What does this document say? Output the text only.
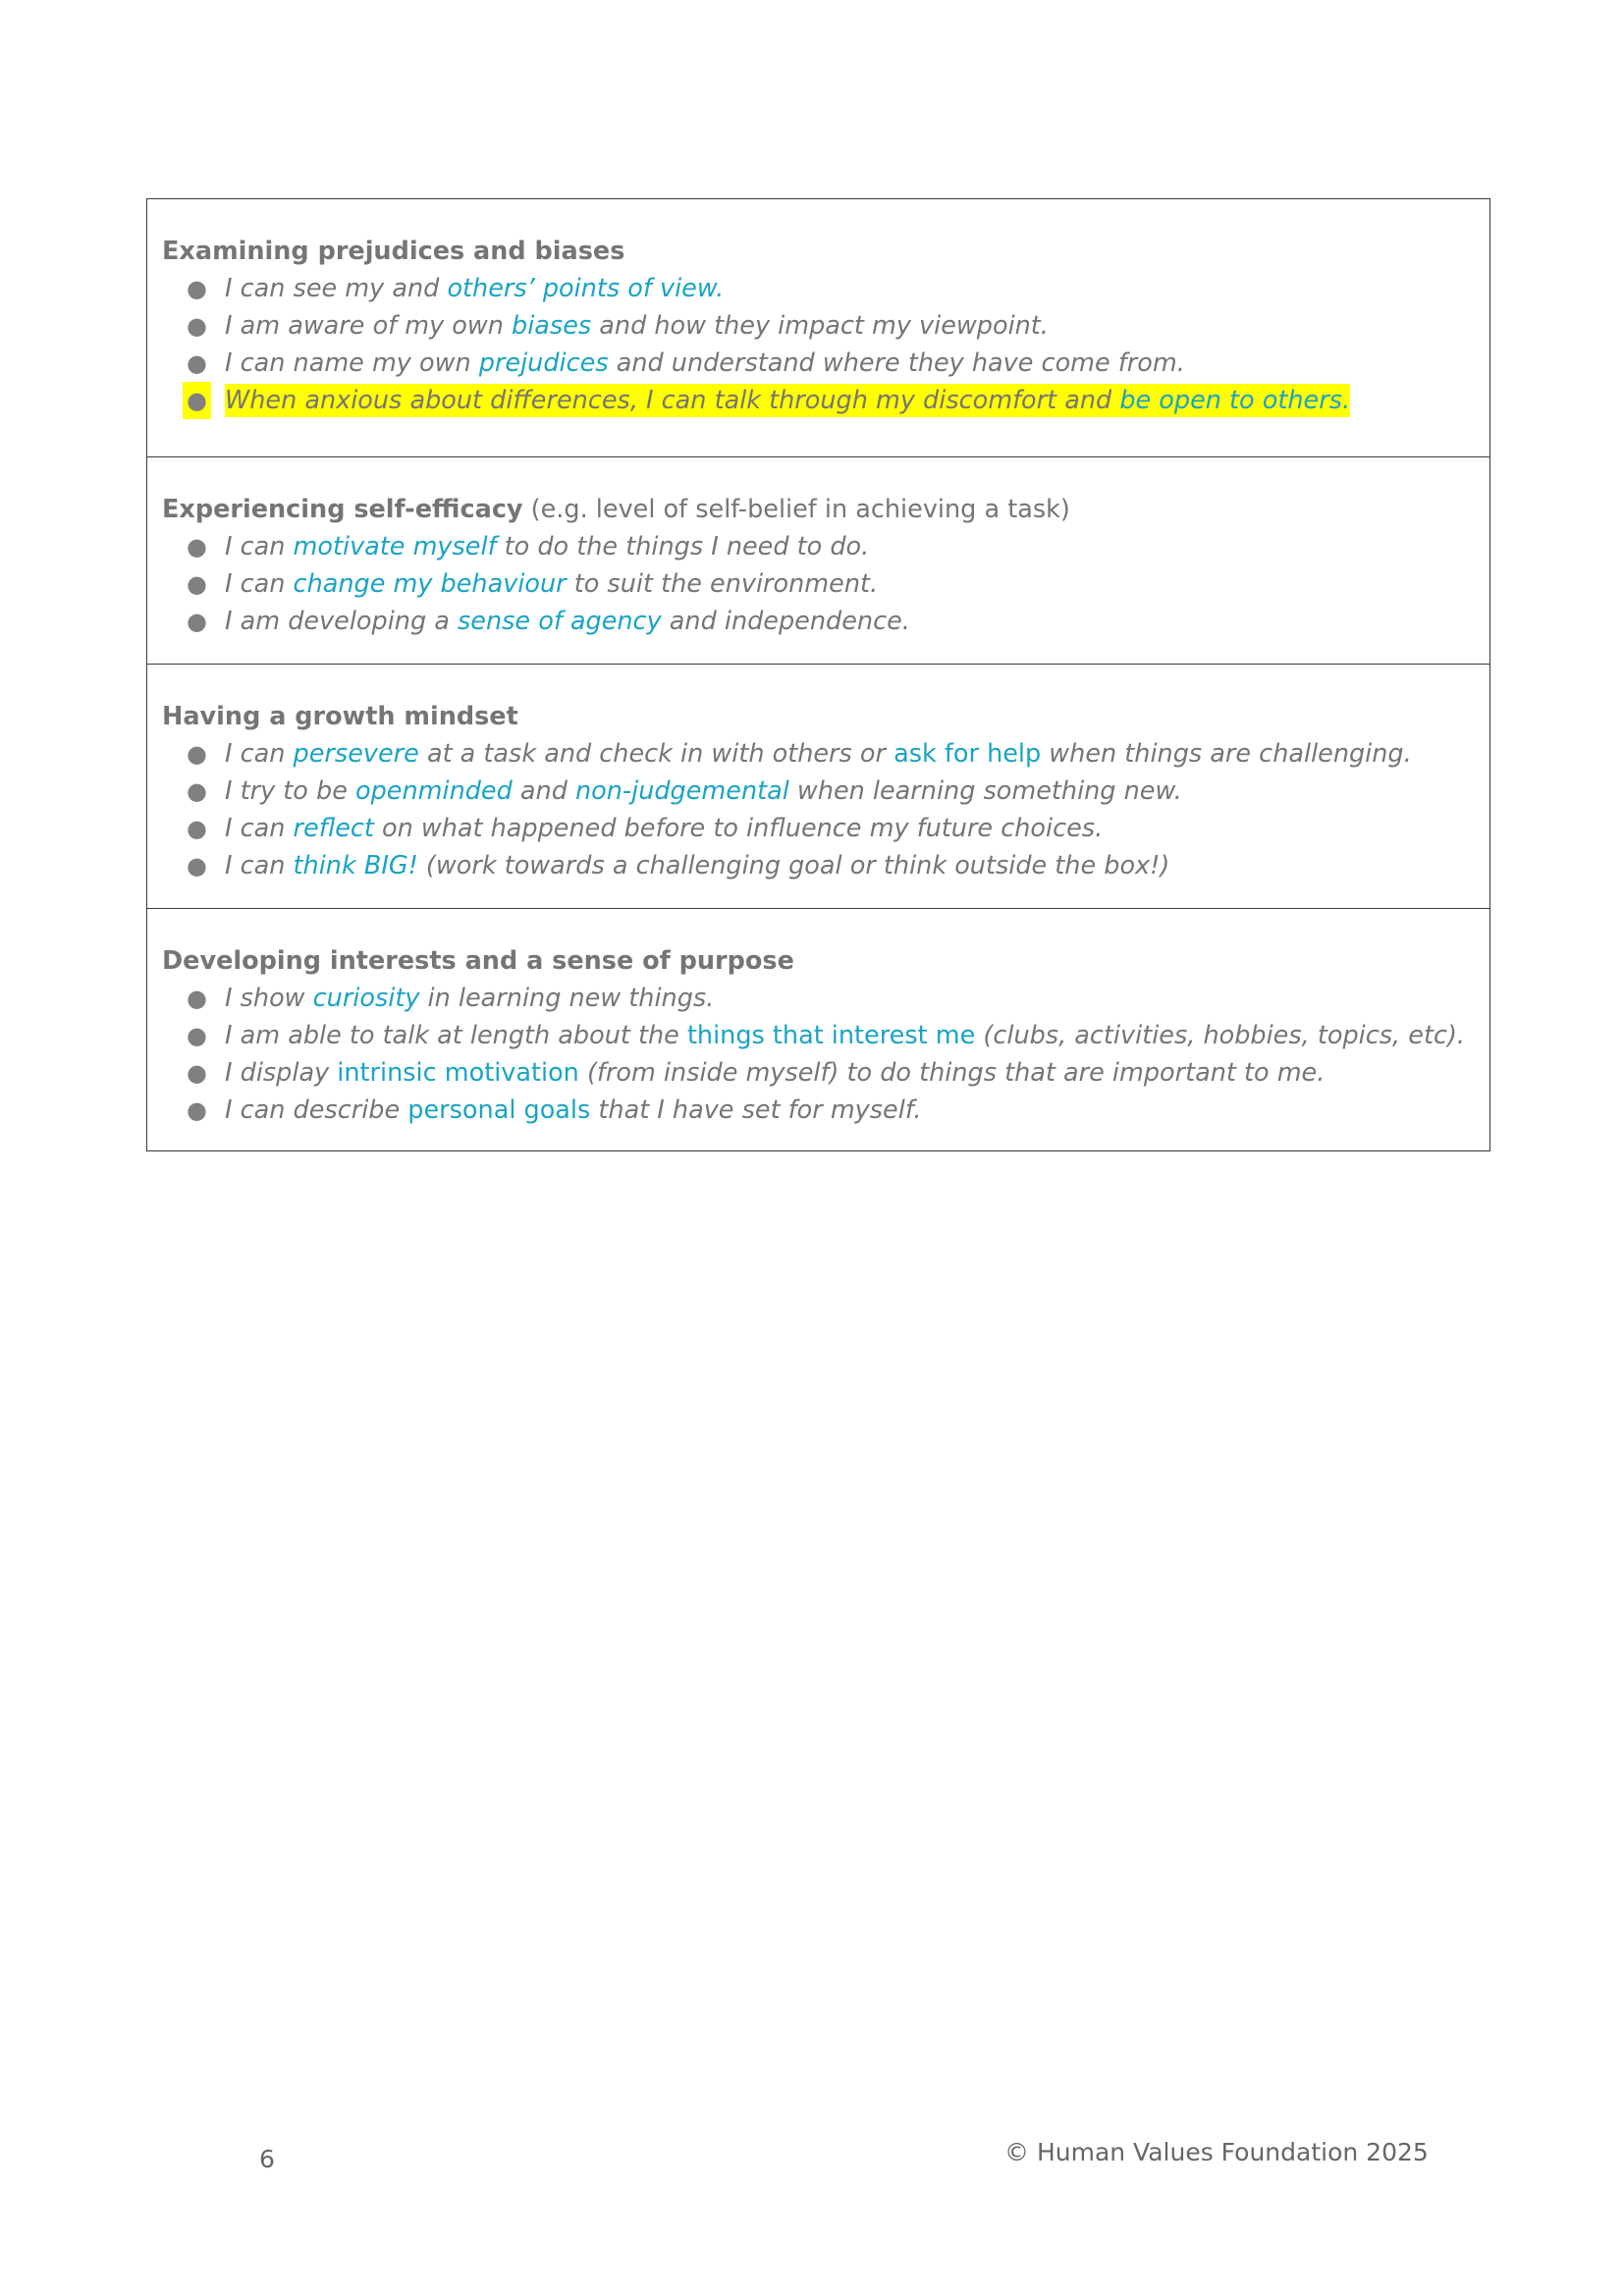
Examining prejudices and biases
● I can see my and others’ points of view.
● I am aware of my own biases and how they impact my viewpoint.
● I can name my own prejudices and understand where they have come from.
● When anxious about differences, I can talk through my discomfort and be open to others.
Experiencing self-efficacy (e.g. level of self-belief in achieving a task)
● I can motivate myself to do the things I need to do.
● I can change my behaviour to suit the environment.
● I am developing a sense of agency and independence.
Having a growth mindset
● I can persevere at a task and check in with others or ask for help when things are challenging.
● I try to be openminded and non-judgemental when learning something new.
● I can reflect on what happened before to influence my future choices.
● I can think BIG! (work towards a challenging goal or think outside the box!)
Developing interests and a sense of purpose
● I show curiosity in learning new things.
● I am able to talk at length about the things that interest me (clubs, activities, hobbies, topics, etc).
● I display intrinsic motivation (from inside myself) to do things that are important to me.
● I can describe personal goals that I have set for myself.
6	© Human Values Foundation 2025
